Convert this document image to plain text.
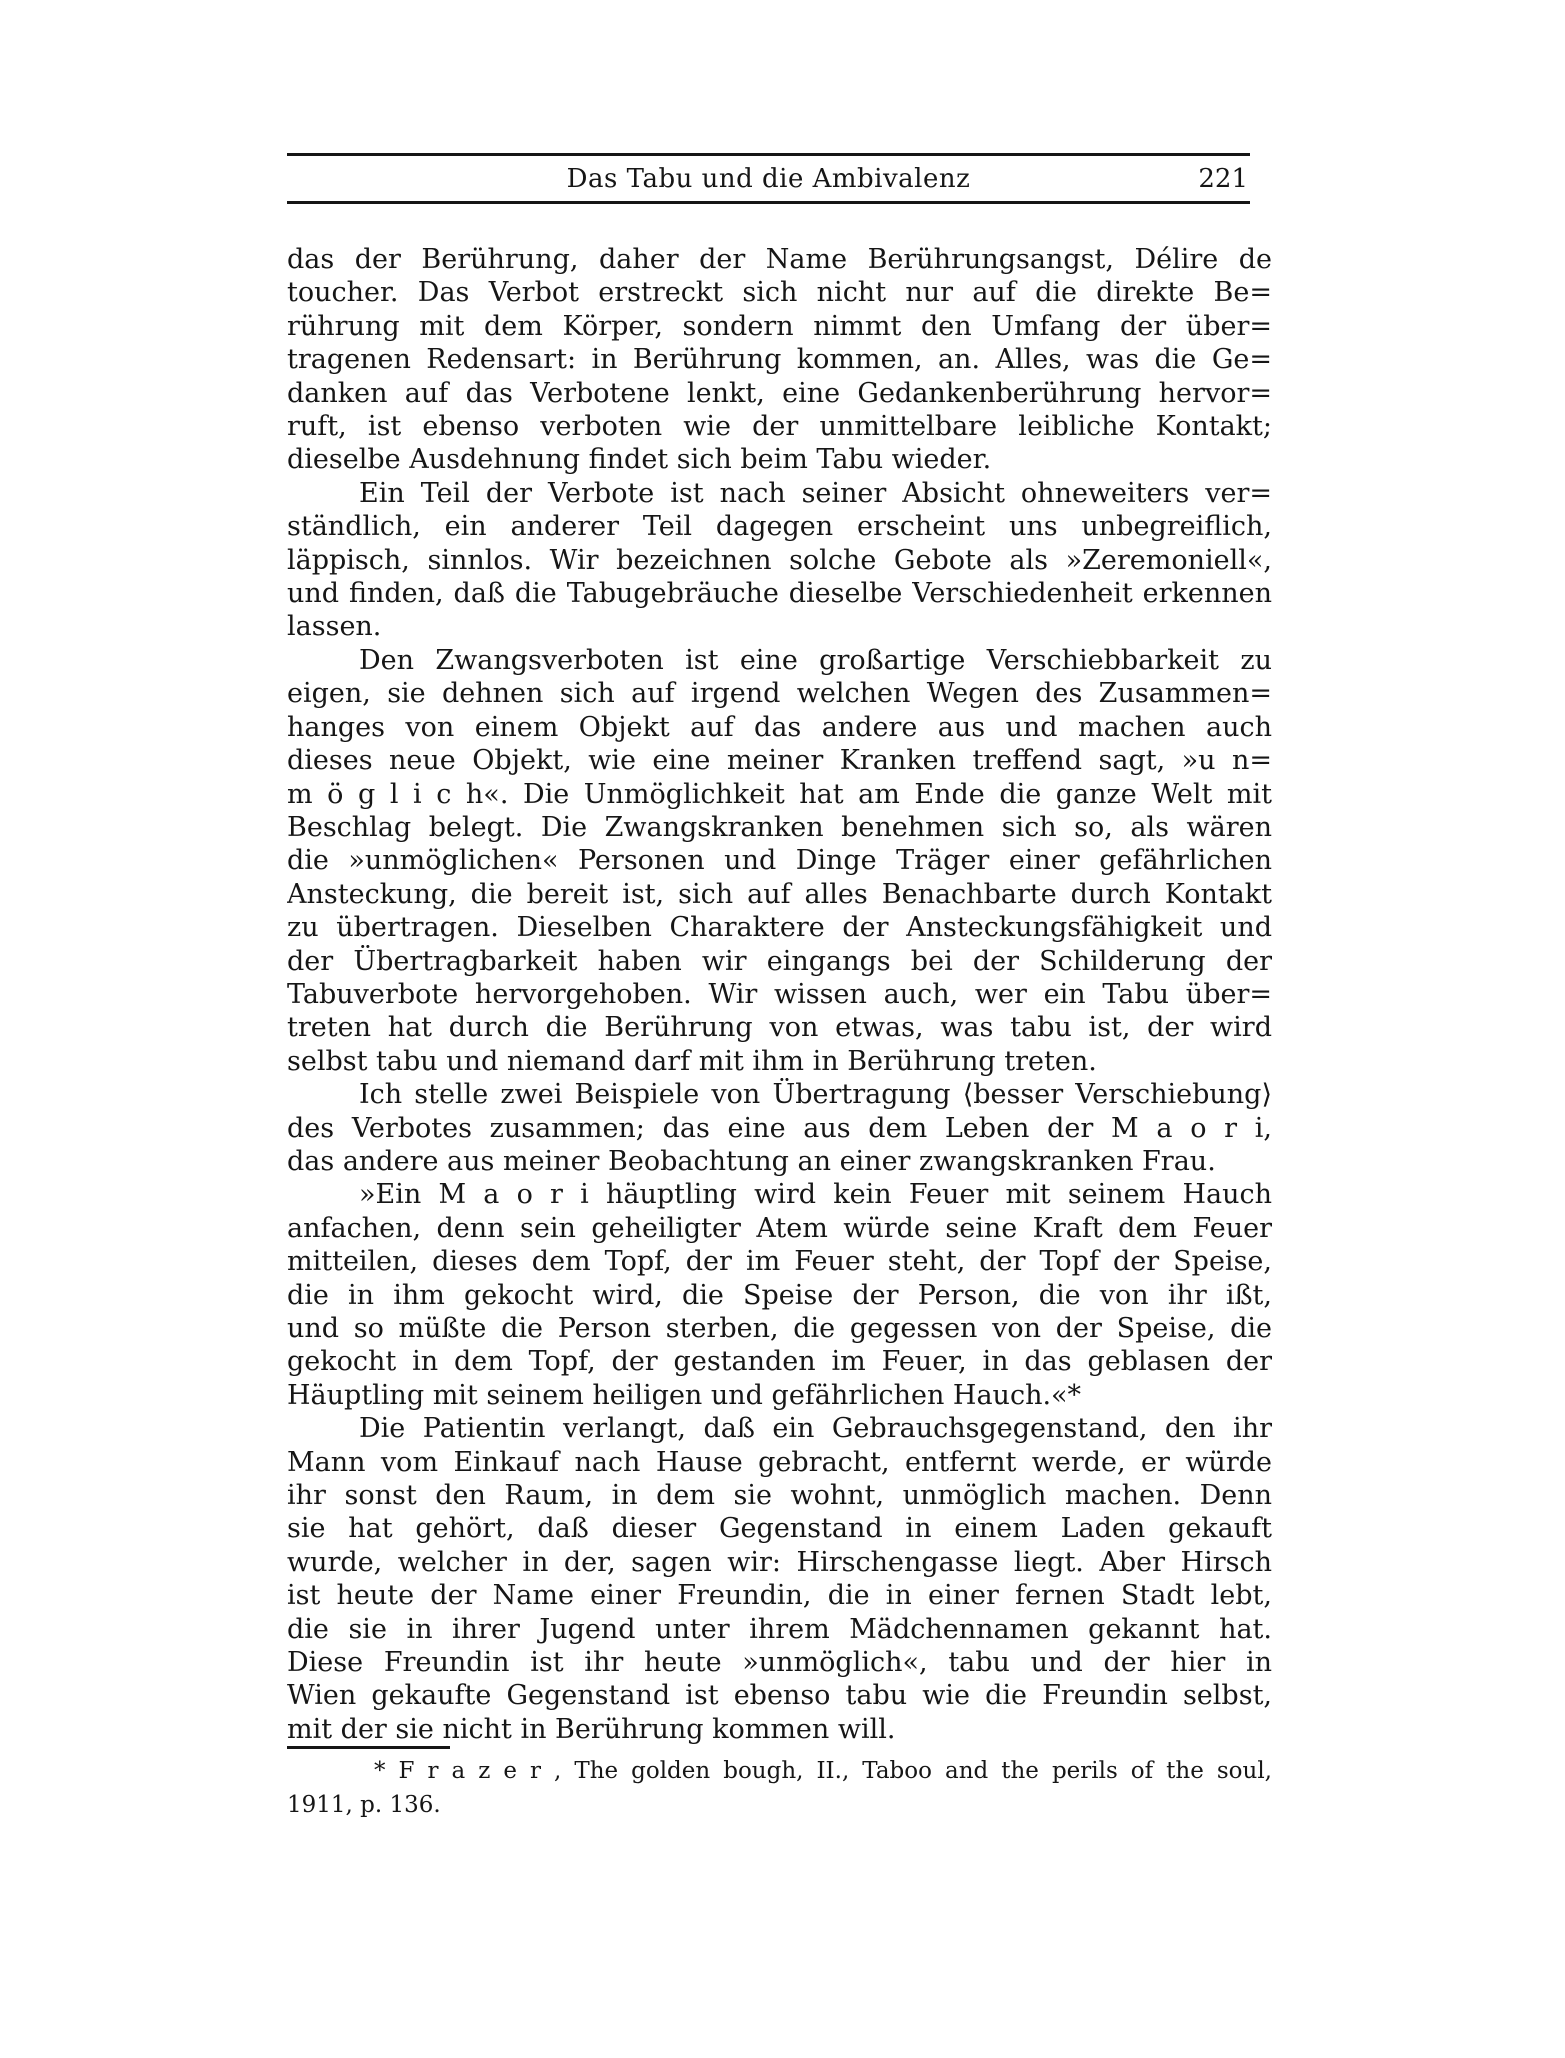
Das Tabu und die Ambivalenz	221
das der Berührung, daher der Name Berührungsangst, Délire de
toucher. Das Verbot erstreckt sich nicht nur auf die direkte Be=
rührung mit dem Körper, sondern nimmt den Umfang der über=
tragenen Redensart: in Berührung kommen, an. Alles, was die Ge=
danken auf das Verbotene lenkt, eine Gedankenberührung hervor=
ruft, ist ebenso verboten wie der unmittelbare leibliche Kontakt;
dieselbe Ausdehnung findet sich beim Tabu wieder.
Ein Teil der Verbote ist nach seiner Absicht ohneweiters ver=
ständlich, ein anderer Teil dagegen erscheint uns unbegreiflich,
läppisch, sinnlos. Wir bezeichnen solche Gebote als »Zeremoniell«,
und finden, daß die Tabugebräuche dieselbe Verschiedenheit erkennen
lassen.
Den Zwangsverboten ist eine großartige Verschiebbarkeit zu
eigen, sie dehnen sich auf irgend welchen Wegen des Zusammen=
hanges von einem Objekt auf das andere aus und machen auch
dieses neue Objekt, wie eine meiner Kranken treffend sagt, »u n=
m ö g l i c h«. Die Unmöglichkeit hat am Ende die ganze Welt mit
Beschlag belegt. Die Zwangskranken benehmen sich so, als wären
die »unmöglichen« Personen und Dinge Träger einer gefährlichen
Ansteckung, die bereit ist, sich auf alles Benachbarte durch Kontakt
zu übertragen. Dieselben Charaktere der Ansteckungsfähigkeit und
der Übertragbarkeit haben wir eingangs bei der Schilderung der
Tabuverbote hervorgehoben. Wir wissen auch, wer ein Tabu über=
treten hat durch die Berührung von etwas, was tabu ist, der wird
selbst tabu und niemand darf mit ihm in Berührung treten.
Ich stelle zwei Beispiele von Übertragung ⟨besser Verschiebung⟩
des Verbotes zusammen; das eine aus dem Leben der M a o r i,
das andere aus meiner Beobachtung an einer zwangskranken Frau.
»Ein M a o r i häuptling wird kein Feuer mit seinem Hauch
anfachen, denn sein geheiligter Atem würde seine Kraft dem Feuer
mitteilen, dieses dem Topf, der im Feuer steht, der Topf der Speise,
die in ihm gekocht wird, die Speise der Person, die von ihr ißt,
und so müßte die Person sterben, die gegessen von der Speise, die
gekocht in dem Topf, der gestanden im Feuer, in das geblasen der
Häuptling mit seinem heiligen und gefährlichen Hauch.«*
Die Patientin verlangt, daß ein Gebrauchsgegenstand, den ihr
Mann vom Einkauf nach Hause gebracht, entfernt werde, er würde
ihr sonst den Raum, in dem sie wohnt, unmöglich machen. Denn
sie hat gehört, daß dieser Gegenstand in einem Laden gekauft
wurde, welcher in der, sagen wir: Hirschengasse liegt. Aber Hirsch
ist heute der Name einer Freundin, die in einer fernen Stadt lebt,
die sie in ihrer Jugend unter ihrem Mädchennamen gekannt hat.
Diese Freundin ist ihr heute »unmöglich«, tabu und der hier in
Wien gekaufte Gegenstand ist ebenso tabu wie die Freundin selbst,
mit der sie nicht in Berührung kommen will.
* F r a z e r , The golden bough, II., Taboo and the perils of the soul,
1911, p. 136.
